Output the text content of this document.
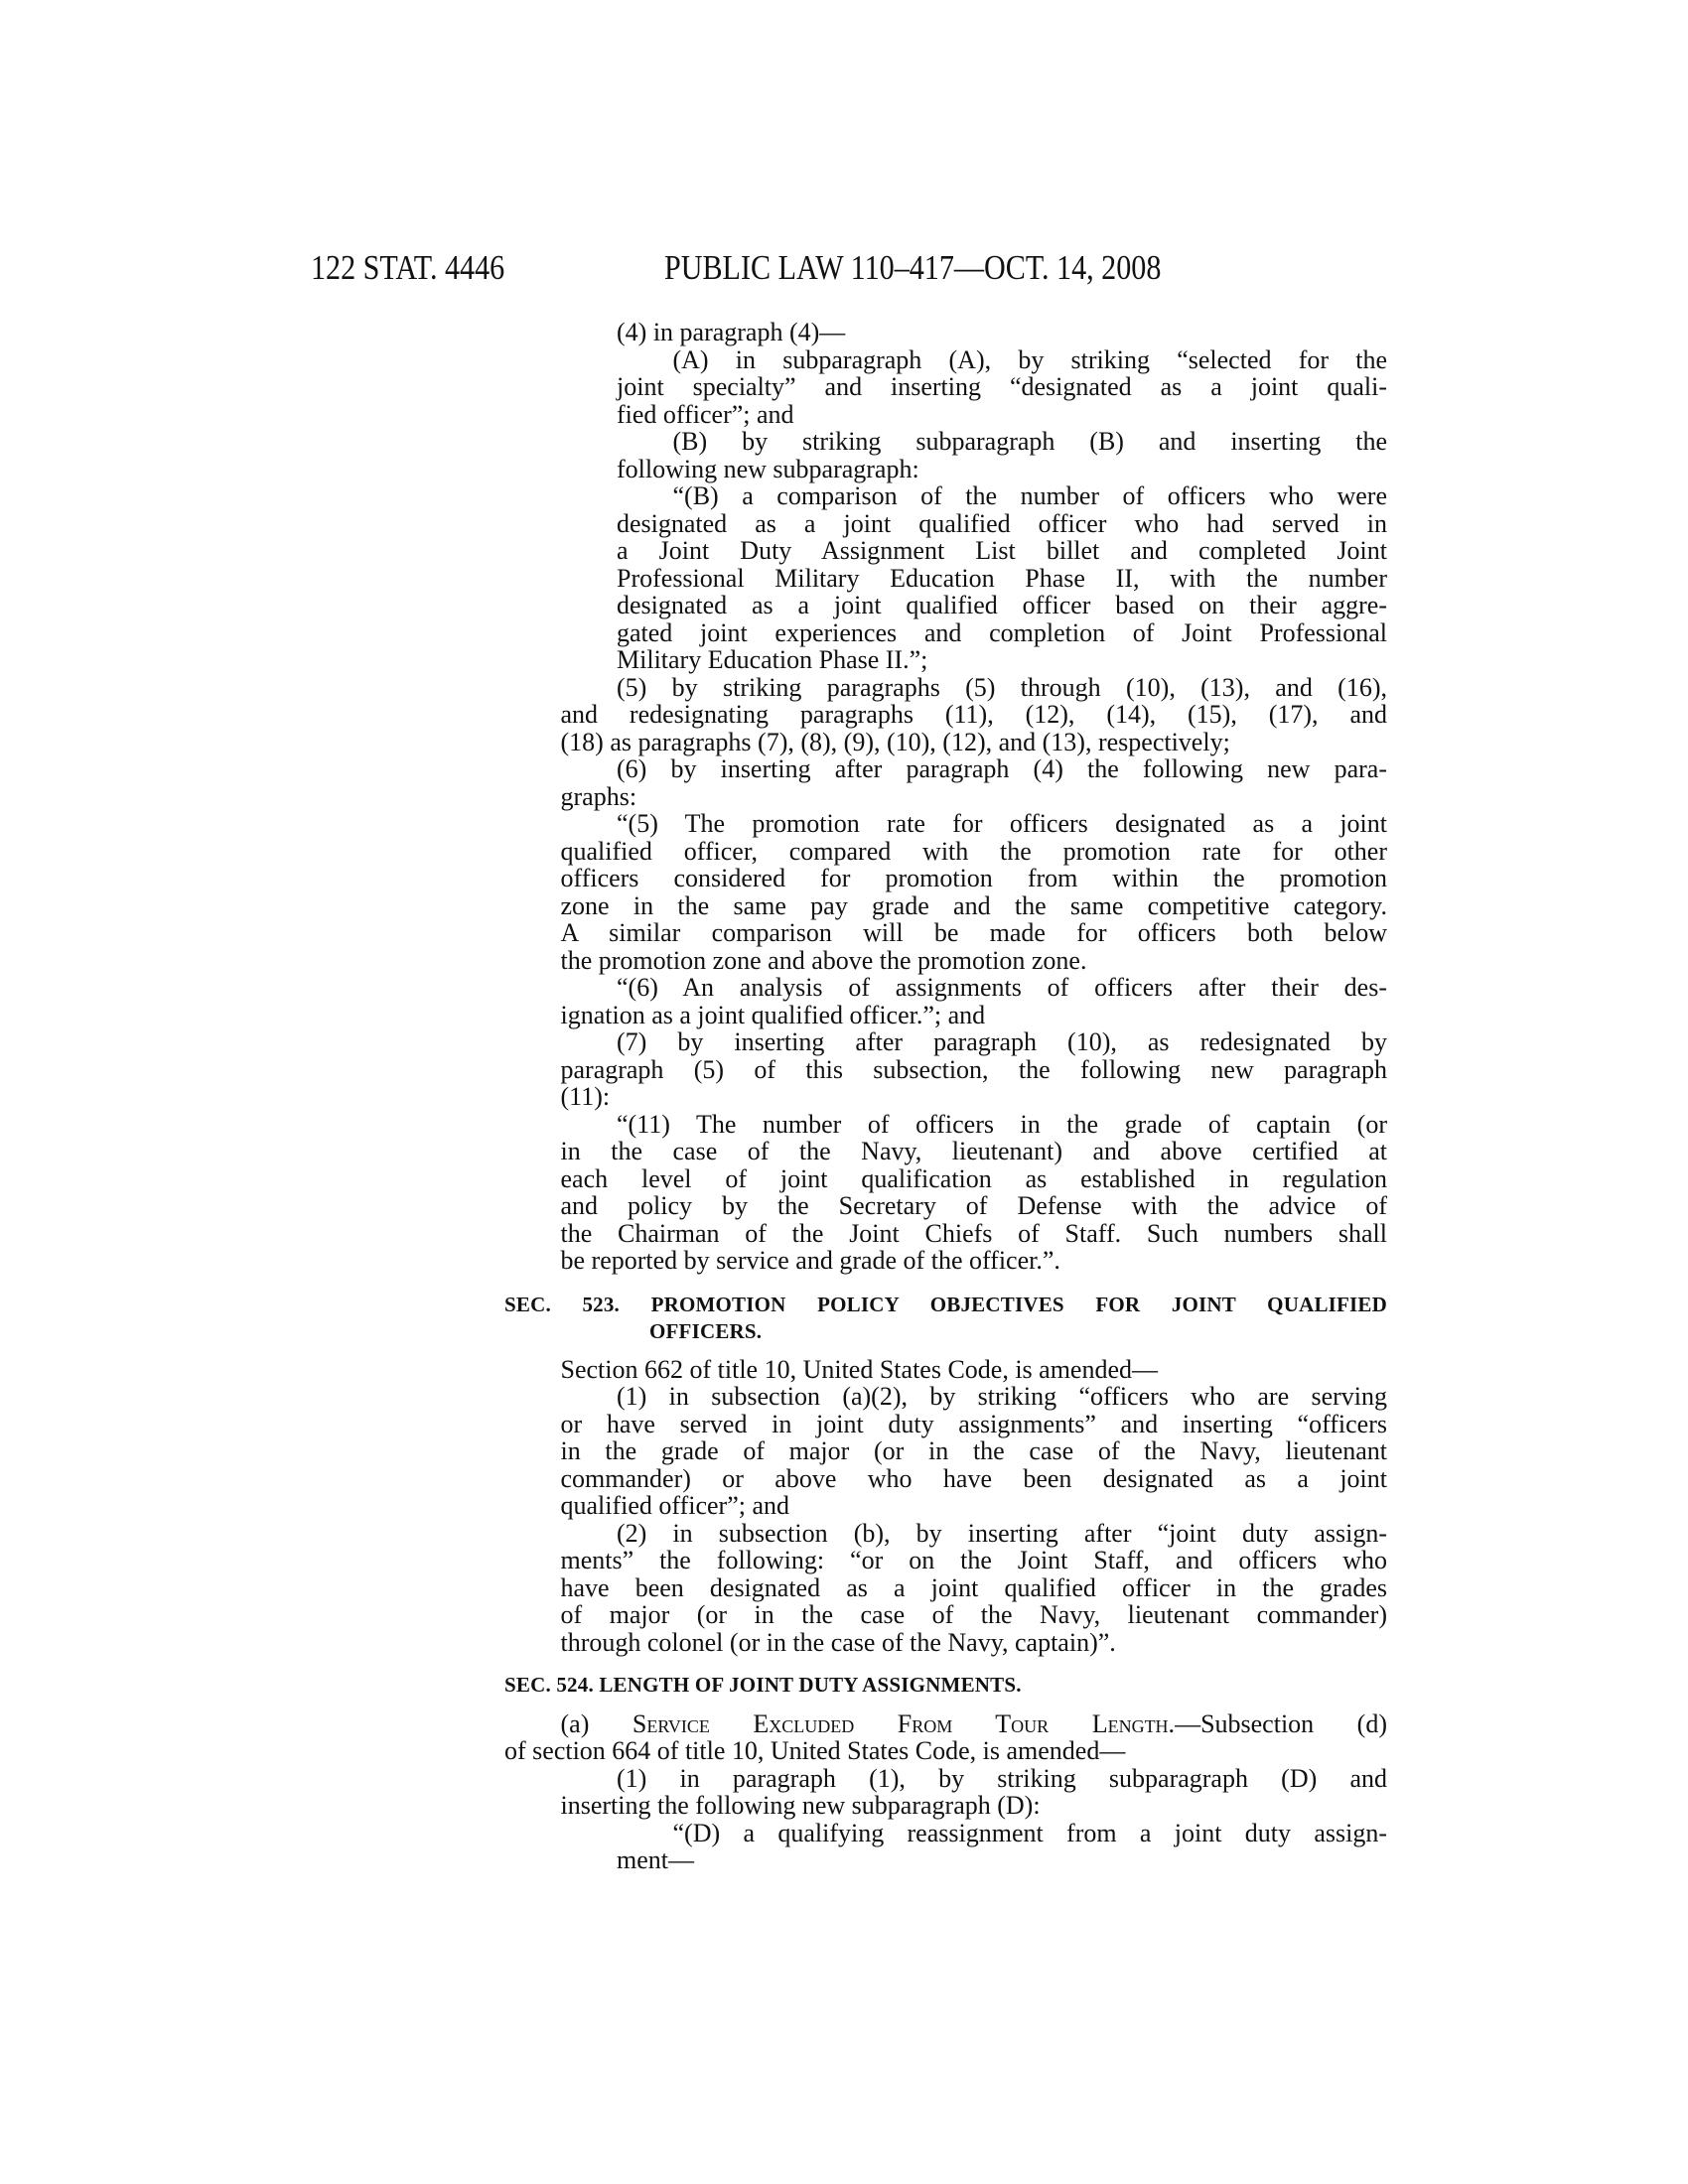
122 STAT. 4446	PUBLIC LAW 110–417—OCT. 14, 2008
(4) in paragraph (4)—
(A) in subparagraph (A), by striking “selected for the
joint specialty” and inserting “designated as a joint quali-
fied officer”; and
(B) by striking subparagraph (B) and inserting the
following new subparagraph:
“(B) a comparison of the number of officers who were
designated as a joint qualified officer who had served in
a Joint Duty Assignment List billet and completed Joint
Professional Military Education Phase II, with the number
designated as a joint qualified officer based on their aggre-
gated joint experiences and completion of Joint Professional
Military Education Phase II.”;
(5) by striking paragraphs (5) through (10), (13), and (16),
and redesignating paragraphs (11), (12), (14), (15), (17), and
(18) as paragraphs (7), (8), (9), (10), (12), and (13), respectively;
(6) by inserting after paragraph (4) the following new para-
graphs:
“(5) The promotion rate for officers designated as a joint
qualified officer, compared with the promotion rate for other
officers considered for promotion from within the promotion
zone in the same pay grade and the same competitive category.
A similar comparison will be made for officers both below
the promotion zone and above the promotion zone.
“(6) An analysis of assignments of officers after their des-
ignation as a joint qualified officer.”; and
(7) by inserting after paragraph (10), as redesignated by
paragraph (5) of this subsection, the following new paragraph
(11):
“(11) The number of officers in the grade of captain (or
in the case of the Navy, lieutenant) and above certified at
each level of joint qualification as established in regulation
and policy by the Secretary of Defense with the advice of
the Chairman of the Joint Chiefs of Staff. Such numbers shall
be reported by service and grade of the officer.”.
SEC. 523. PROMOTION POLICY OBJECTIVES FOR JOINT QUALIFIED
OFFICERS.
Section 662 of title 10, United States Code, is amended—
(1) in subsection (a)(2), by striking “officers who are serving
or have served in joint duty assignments” and inserting “officers
in the grade of major (or in the case of the Navy, lieutenant
commander) or above who have been designated as a joint
qualified officer”; and
(2) in subsection (b), by inserting after “joint duty assign-
ments” the following: “or on the Joint Staff, and officers who
have been designated as a joint qualified officer in the grades
of major (or in the case of the Navy, lieutenant commander)
through colonel (or in the case of the Navy, captain)”.
SEC. 524. LENGTH OF JOINT DUTY ASSIGNMENTS.
(a) Service Excluded From Tour Length.—Subsection (d)
of section 664 of title 10, United States Code, is amended—
(1) in paragraph (1), by striking subparagraph (D) and
inserting the following new subparagraph (D):
“(D) a qualifying reassignment from a joint duty assign-
ment—
